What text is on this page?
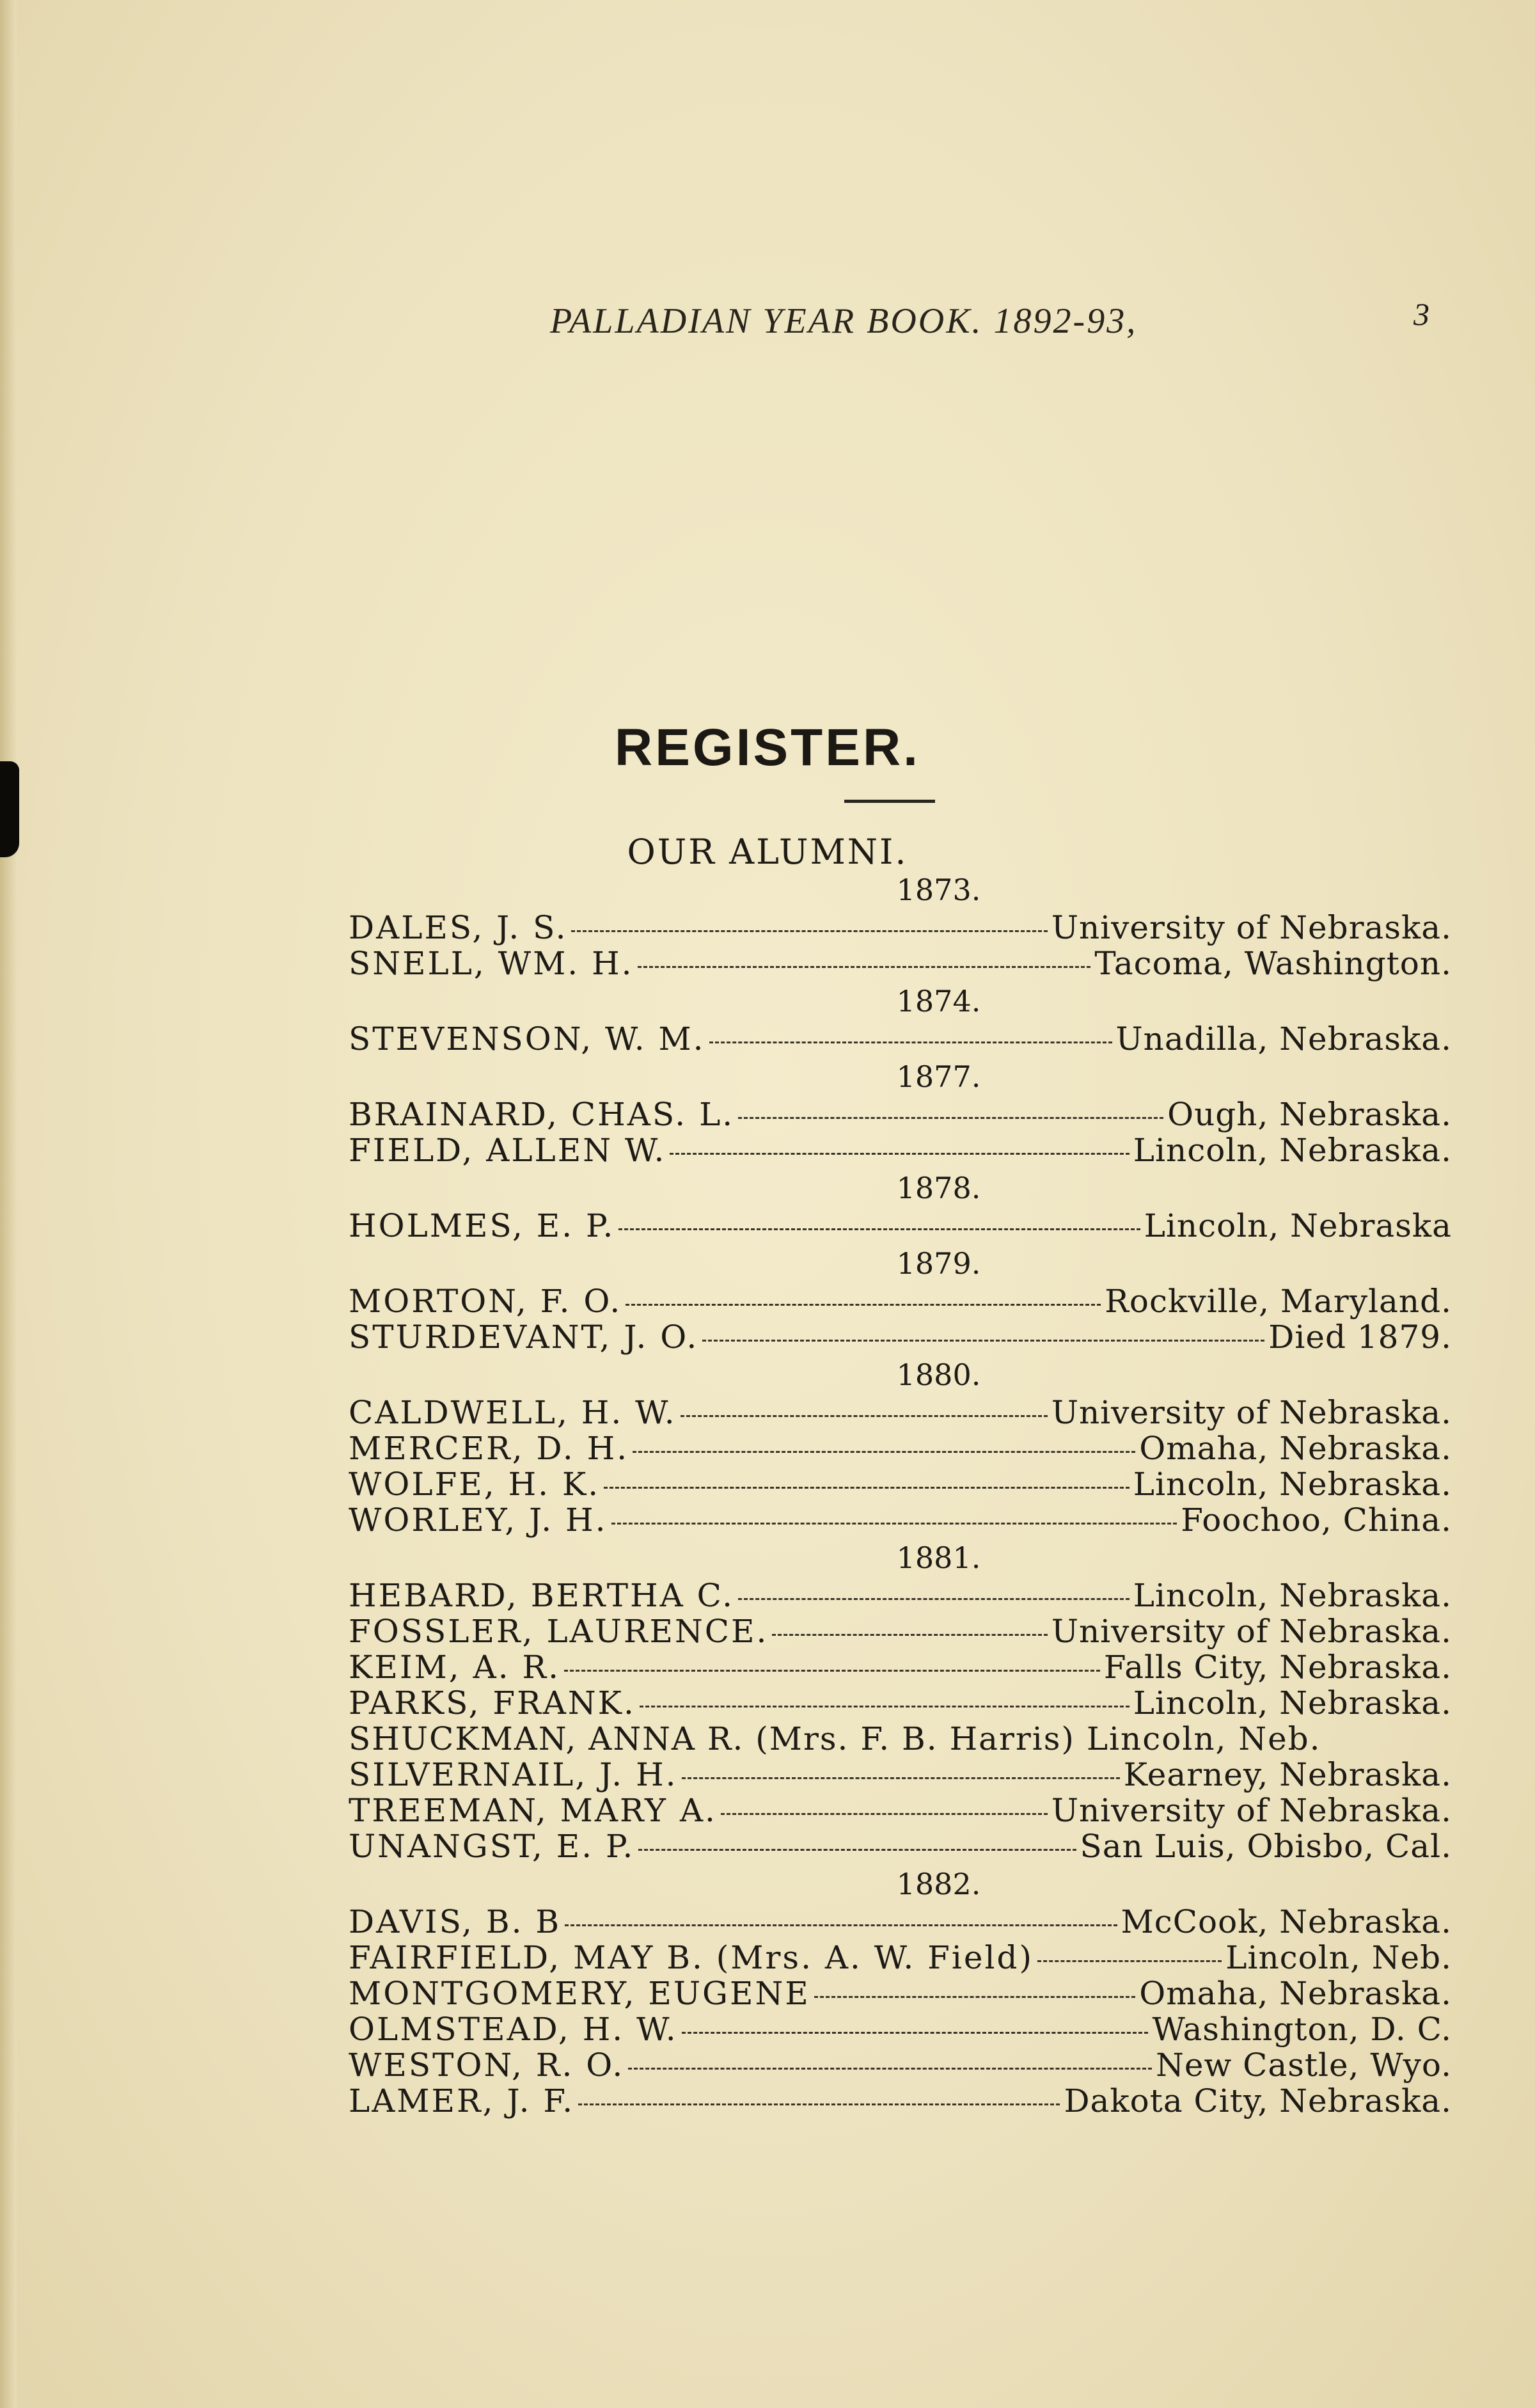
PALLADIAN YEAR BOOK. 1892-93,	3
REGISTER.
OUR ALUMNI.
1873.
DALES, J. S.	University of Nebraska.
SNELL, WM. H.	Tacoma, Washington.
1874.
STEVENSON, W. M.	Unadilla, Nebraska.
1877.
BRAINARD, CHAS. L.	Ough, Nebraska.
FIELD, ALLEN W.	Lincoln, Nebraska.
1878.
HOLMES, E. P.	Lincoln, Nebraska
1879.
MORTON, F. O.	Rockville, Maryland.
STURDEVANT, J. O.	Died 1879.
1880.
CALDWELL, H. W.	University of Nebraska.
MERCER, D. H.	Omaha, Nebraska.
WOLFE, H. K.	Lincoln, Nebraska.
WORLEY, J. H.	Foochoo, China.
1881.
HEBARD, BERTHA C.	Lincoln, Nebraska.
FOSSLER, LAURENCE.	University of Nebraska.
KEIM, A. R.	Falls City, Nebraska.
PARKS, FRANK.	Lincoln, Nebraska.
SHUCKMAN, ANNA R. (Mrs. F. B. Harris) Lincoln, Neb.
SILVERNAIL, J. H.	Kearney, Nebraska.
TREEMAN, MARY A.	University of Nebraska.
UNANGST, E. P.	San Luis, Obisbo, Cal.
1882.
DAVIS, B. B	McCook, Nebraska.
FAIRFIELD, MAY B. (Mrs. A. W. Field)	Lincoln, Neb.
MONTGOMERY, EUGENE	Omaha, Nebraska.
OLMSTEAD, H. W.	Washington, D. C.
WESTON, R. O.	New Castle, Wyo.
LAMER, J. F.	Dakota City, Nebraska.
